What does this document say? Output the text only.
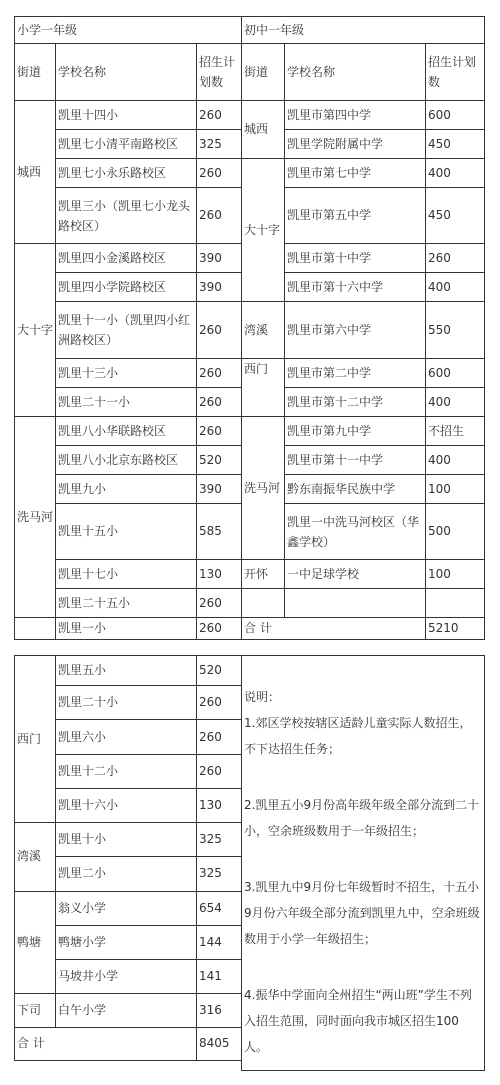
小学一年级			初中一年级		
街道	学校名称	招生计划数	街道	学校名称	招生计划数
城西	凯里十四小	260	城西	凯里市第四中学	600
	凯里七小清平南路校区	325		凯里学院附属中学	450
	凯里七小永乐路校区	260	大十字	凯里市第七中学	400
	凯里三小（凯里七小龙头路校区）	260		凯里市第五中学	450
大十字	凯里四小金溪路校区	390		凯里市第十中学	260
	凯里四小学院路校区	390		凯里市第十六中学	400
	凯里十一小（凯里四小红洲路校区）	260	湾溪	凯里市第六中学	550
	凯里十三小	260	西门	凯里市第二中学	600
	凯里二十一小	260		凯里市第十二中学	400
洗马河	凯里八小华联路校区	260	洗马河	凯里市第九中学	不招生
	凯里八小北京东路校区	520		凯里市第十一中学	400
	凯里九小	390		黔东南振华民族中学	100
	凯里十五小	585		凯里一中洗马河校区（华鑫学校）	500
	凯里十七小	130	开怀	一中足球学校	100
	凯里二十五小	260			
	凯里一小	260	合 计		5210
西门	凯里五小	520	说明：
1.郊区学校按辖区适龄儿童实际人数招生，不下达招生任务；
2.凯里五小9月份高年级年级全部分流到二十小，空余班级数用于一年级招生；
3.凯里九中9月份七年级暂时不招生，十五小9月份六年级全部分流到凯里九中，空余班级数用于小学一年级招生；
4.振华中学面向全州招生“两山班”学生不列入招生范围，同时面向我市城区招生100人。

	凯里二十小	260	
	凯里六小	260	
	凯里十二小	260	
	凯里十六小	130	
湾溪	凯里十小	325	
	凯里二小	325	
鸭塘	翁义小学	654	
	鸭塘小学	144	
	马坡井小学	141	
下司	白午小学	316	
合 计		8405	
